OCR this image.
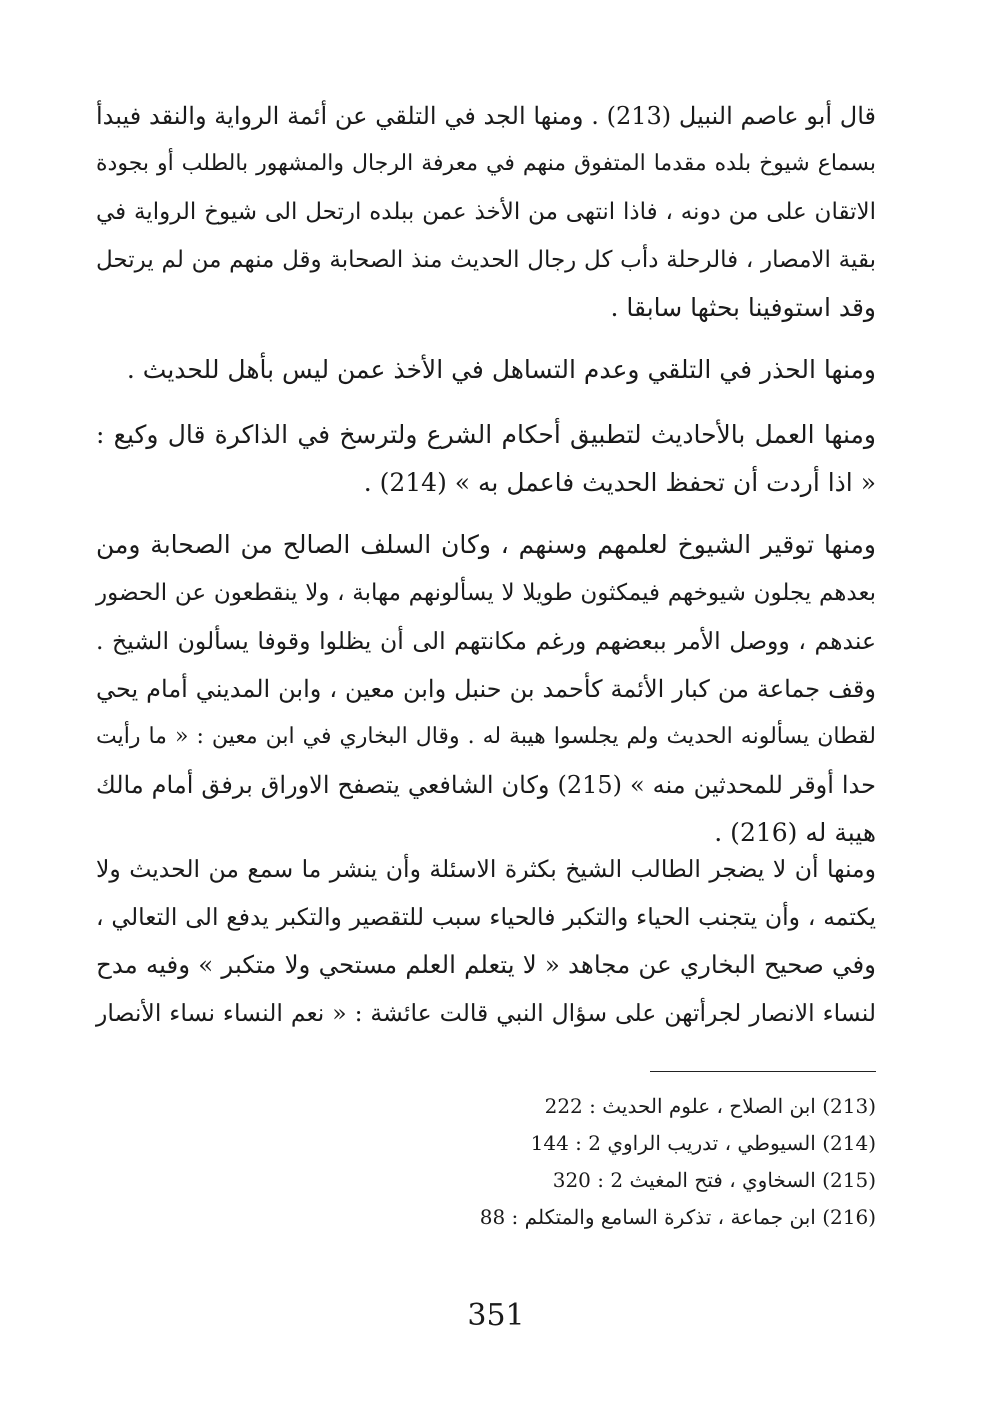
قال أبو عاصم النبيل (213) . ومنها الجد في التلقي عن أئمة الرواية والنقد فيبدأ
بسماع شيوخ بلده مقدما المتفوق منهم في معرفة الرجال والمشهور بالطلب أو بجودة
الاتقان على من دونه ، فاذا انتهى من الأخذ عمن ببلده ارتحل الى شيوخ الرواية في
بقية الامصار ، فالرحلة دأب كل رجال الحديث منذ الصحابة وقل منهم من لم يرتحل
وقد استوفينا بحثها سابقا .
ومنها الحذر في التلقي وعدم التساهل في الأخذ عمن ليس بأهل للحديث .
ومنها العمل بالأحاديث لتطبيق أحكام الشرع ولترسخ في الذاكرة قال وكيع :
« اذا أردت أن تحفظ الحديث فاعمل به » (214) .
ومنها توقير الشيوخ لعلمهم وسنهم ، وكان السلف الصالح من الصحابة ومن
بعدهم يجلون شيوخهم فيمكثون طويلا لا يسألونهم مهابة ، ولا ينقطعون عن الحضور
عندهم ، ووصل الأمر ببعضهم ورغم مكانتهم الى أن يظلوا وقوفا يسألون الشيخ .
وقف جماعة من كبار الأئمة كأحمد بن حنبل وابن معين ، وابن المديني أمام يحي
لقطان يسألونه الحديث ولم يجلسوا هيبة له . وقال البخاري في ابن معين : « ما رأيت
حدا أوقر للمحدثين منه » (215) وكان الشافعي يتصفح الاوراق برفق أمام مالك
هيبة له (216) .
ومنها أن لا يضجر الطالب الشيخ بكثرة الاسئلة وأن ينشر ما سمع من الحديث ولا
يكتمه ، وأن يتجنب الحياء والتكبر فالحياء سبب للتقصير والتكبر يدفع الى التعالي ،
وفي صحيح البخاري عن مجاهد « لا يتعلم العلم مستحي ولا متكبر » وفيه مدح
لنساء الانصار لجرأتهن على سؤال النبي قالت عائشة : « نعم النساء نساء الأنصار
(213) ابن الصلاح ، علوم الحديث : 222
(214) السيوطي ، تدريب الراوي 2 : 144
(215) السخاوي ، فتح المغيث 2 : 320
(216) ابن جماعة ، تذكرة السامع والمتكلم : 88
351
